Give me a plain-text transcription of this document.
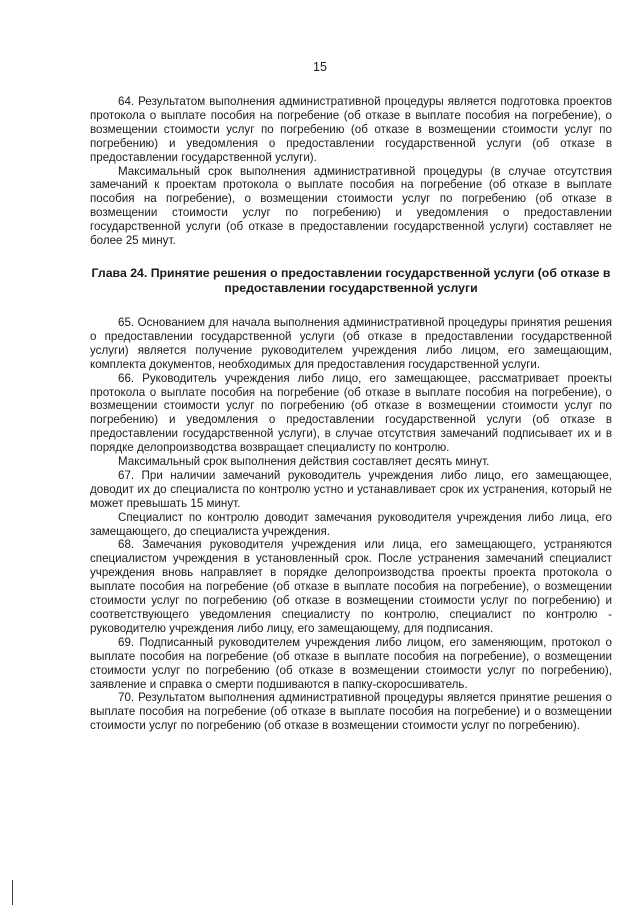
15

64. Результатом выполнения административной процедуры является подготовка проектов протокола о выплате пособия на погребение (об отказе в выплате пособия на погребение), о возмещении стоимости услуг по погребению (об отказе в возмещении стоимости услуг по погребению) и уведомления о предоставлении государственной услуги (об отказе в предоставлении государственной услуги).

Максимальный срок выполнения административной процедуры (в случае отсутствия замечаний к проектам протокола о выплате пособия на погребение (об отказе в выплате пособия на погребение), о возмещении стоимости услуг по погребению (об отказе в возмещении стоимости услуг по погребению) и уведомления о предоставлении государственной услуги (об отказе в предоставлении государственной услуги) составляет не более 25 минут.

Глава 24. Принятие решения о предоставлении государственной услуги (об отказе в предоставлении государственной услуги

65. Основанием для начала выполнения административной процедуры принятия решения о предоставлении государственной услуги (об отказе в предоставлении государственной услуги) является получение руководителем учреждения либо лицом, его замещающим, комплекта документов, необходимых для предоставления государственной услуги.

66. Руководитель учреждения либо лицо, его замещающее, рассматривает проекты протокола о выплате пособия на погребение (об отказе в выплате пособия на погребение), о возмещении стоимости услуг по погребению (об отказе в возмещении стоимости услуг по погребению) и уведомления о предоставлении государственной услуги (об отказе в предоставлении государственной услуги), в случае отсутствия замечаний подписывает их и в порядке делопроизводства возвращает специалисту по контролю.

Максимальный срок выполнения действия составляет десять минут.

67. При наличии замечаний руководитель учреждения либо лицо, его замещающее, доводит их до специалиста по контролю устно и устанавливает срок их устранения, который не может превышать 15 минут.

Специалист по контролю доводит замечания руководителя учреждения либо лица, его замещающего, до специалиста учреждения.

68. Замечания руководителя учреждения или лица, его замещающего, устраняются специалистом учреждения в установленный срок. После устранения замечаний специалист учреждения вновь направляет в порядке делопроизводства проекты проекта протокола о выплате пособия на погребение (об отказе в выплате пособия на погребение), о возмещении стоимости услуг по погребению (об отказе в возмещении стоимости услуг по погребению) и соответствующего уведомления специалисту по контролю, специалист по контролю - руководителю учреждения либо лицу, его замещающему, для подписания.

69. Подписанный руководителем учреждения либо лицом, его заменяющим, протокол о выплате пособия на погребение (об отказе в выплате пособия на погребение), о возмещении стоимости услуг по погребению (об отказе в возмещении стоимости услуг по погребению), заявление и справка о смерти подшиваются в папку-скоросшиватель.

70. Результатом выполнения административной процедуры является принятие решения о выплате пособия на погребение (об отказе в выплате пособия на погребение) и о возмещении стоимости услуг по погребению (об отказе в возмещении стоимости услуг по погребению).
